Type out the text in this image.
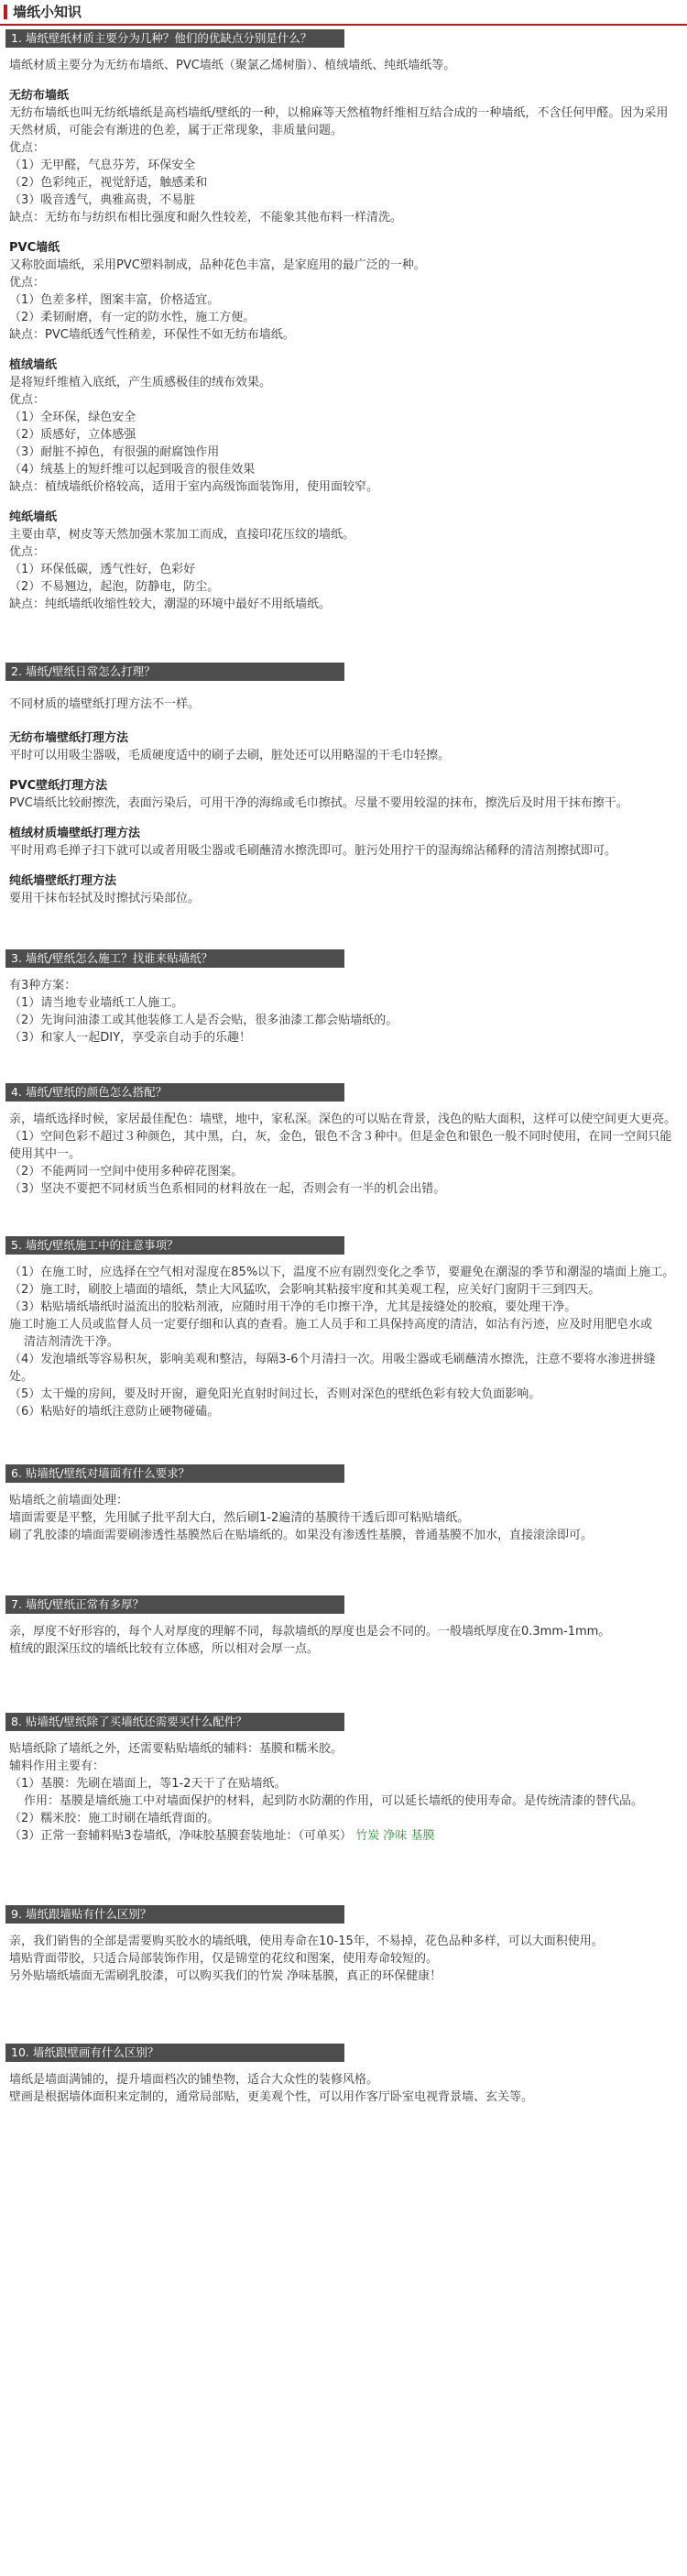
墙纸小知识
1. 墙纸壁纸材质主要分为几种？他们的优缺点分别是什么？

墙纸材质主要分为无纺布墙纸、PVC墙纸（聚氯乙烯树脂）、植绒墙纸、纯纸墙纸等。

无纺布墙纸

无纺布墙纸也叫无纺纸墙纸是高档墙纸/壁纸的一种，以棉麻等天然植物纤维相互结合成的一种墙纸，不含任何甲醛。因为采用天然材质，可能会有渐进的色差，属于正常现象，非质量问题。

优点：

（1）无甲醛，气息芬芳，环保安全

（2）色彩纯正，视觉舒适，触感柔和

（3）吸音透气，典雅高贵，不易脏

缺点：无纺布与纺织布相比强度和耐久性较差，不能象其他布料一样清洗。

PVC墙纸

又称胶面墙纸，采用PVC塑料制成，品种花色丰富，是家庭用的最广泛的一种。

优点：

（1）色差多样，图案丰富，价格适宜。

（2）柔韧耐磨，有一定的防水性，施工方便。

缺点：PVC墙纸透气性稍差，环保性不如无纺布墙纸。

植绒墙纸

是将短纤维植入底纸，产生质感极佳的绒布效果。

优点：

（1）全环保，绿色安全

（2）质感好，立体感强

（3）耐脏不掉色，有很强的耐腐蚀作用

（4）绒基上的短纤维可以起到吸音的很佳效果

缺点：植绒墙纸价格较高，适用于室内高级饰面装饰用，使用面较窄。

纯纸墙纸

主要由草，树皮等天然加强木浆加工而成，直接印花压纹的墙纸。

优点：

（1）环保低碳，透气性好，色彩好

（2）不易翘边，起泡，防静电，防尘。

缺点：纯纸墙纸收缩性较大，潮湿的环境中最好不用纸墙纸。

2. 墙纸/壁纸日常怎么打理？

不同材质的墙壁纸打理方法不一样。

无纺布墙壁纸打理方法

平时可以用吸尘器吸，毛质硬度适中的刷子去刷，脏处还可以用略湿的干毛巾轻擦。

PVC壁纸打理方法

PVC墙纸比较耐擦洗，表面污染后，可用干净的海绵或毛巾擦拭。尽量不要用较湿的抹布，擦洗后及时用干抹布擦干。

植绒材质墙壁纸打理方法

平时用鸡毛掸子扫下就可以或者用吸尘器或毛刷蘸清水擦洗即可。脏污处用拧干的湿海绵沾稀释的清洁剂擦拭即可。

纯纸墙壁纸打理方法

要用干抹布轻拭及时擦拭污染部位。

3. 墙纸/壁纸怎么施工？找谁来贴墙纸？

有3种方案：

（1）请当地专业墙纸工人施工。

（2）先询问油漆工或其他装修工人是否会贴，很多油漆工都会贴墙纸的。

（3）和家人一起DIY，享受亲自动手的乐趣！

4. 墙纸/壁纸的颜色怎么搭配？

亲，墙纸选择时候，家居最佳配色：墙壁，地中，家私深。深色的可以贴在背景，浅色的贴大面积，这样可以使空间更大更亮。

（1）空间色彩不超过３种颜色，其中黑，白，灰，金色，银色不含３种中。但是金色和银色一般不同时使用，在同一空间只能使用其中一。

（2）不能两同一空间中使用多种碎花图案。

（3）坚决不要把不同材质当色系相同的材料放在一起，否则会有一半的机会出错。

5. 墙纸/壁纸施工中的注意事项？

（1）在施工时，应选择在空气相对湿度在85%以下，温度不应有剧烈变化之季节，要避免在潮湿的季节和潮湿的墙面上施工。

（2）施工时，刷胶上墙面的墙纸，禁止大风猛吹，会影响其粘接牢度和其美观工程，应关好门窗阴干三到四天。

（3）粘贴墙纸墙纸时溢流出的胶粘剂液，应随时用干净的毛巾擦干净，尤其是接缝处的胶痕，要处理干净。

施工时施工人员或监督人员一定要仔细和认真的查看。施工人员手和工具保持高度的清洁，如沾有污迹，应及时用肥皂水或

清洁剂清洗干净。

（4）发泡墙纸等容易积灰，影响美观和整洁，每隔3-6个月清扫一次。用吸尘器或毛刷蘸清水擦洗，注意不要将水渗进拼缝处。

（5）太干燥的房间，要及时开窗，避免阳光直射时间过长，否则对深色的壁纸色彩有较大负面影响。

（6）粘贴好的墙纸注意防止硬物碰磕。

6. 贴墙纸/壁纸对墙面有什么要求？

贴墙纸之前墙面处理：

墙面需要是平整，先用腻子批平刮大白，然后刷1-2遍清的基膜待干透后即可粘贴墙纸。

刷了乳胶漆的墙面需要刷渗透性基膜然后在贴墙纸的。如果没有渗透性基膜，普通基膜不加水，直接滚涂即可。

7. 墙纸/壁纸正常有多厚？

亲，厚度不好形容的，每个人对厚度的理解不同，每款墙纸的厚度也是会不同的。一般墙纸厚度在0.3mm-1mm。

植绒的跟深压纹的墙纸比较有立体感，所以相对会厚一点。

8. 贴墙纸/壁纸除了买墙纸还需要买什么配件？

贴墙纸除了墙纸之外，还需要粘贴墙纸的辅料：基膜和糯米胶。

辅料作用主要有：

（1）基膜：先刷在墙面上，等1-2天干了在贴墙纸。

作用：基膜是墙纸施工中对墙面保护的材料，起到防水防潮的作用，可以延长墙纸的使用寿命。是传统清漆的替代品。

（2）糯米胶：施工时刷在墙纸背面的。

（3）正常一套辅料贴3卷墙纸，净味胶基膜套装地址：（可单买） 竹炭 净味 基膜

9. 墙纸跟墙贴有什么区别？

亲，我们销售的全部是需要购买胶水的墙纸哦，使用寿命在10-15年，不易掉，花色品种多样，可以大面积使用。

墙贴背面带胶，只适合局部装饰作用，仅是锦堂的花纹和图案，使用寿命较短的。

另外贴墙纸墙面无需刷乳胶漆，可以购买我们的竹炭 净味基膜，真正的环保健康！

10. 墙纸跟壁画有什么区别？

墙纸是墙面满铺的，提升墙面档次的铺垫物，适合大众性的装修风格。

壁画是根据墙体面积来定制的，通常局部贴，更美观个性，可以用作客厅卧室电视背景墙、玄关等。
